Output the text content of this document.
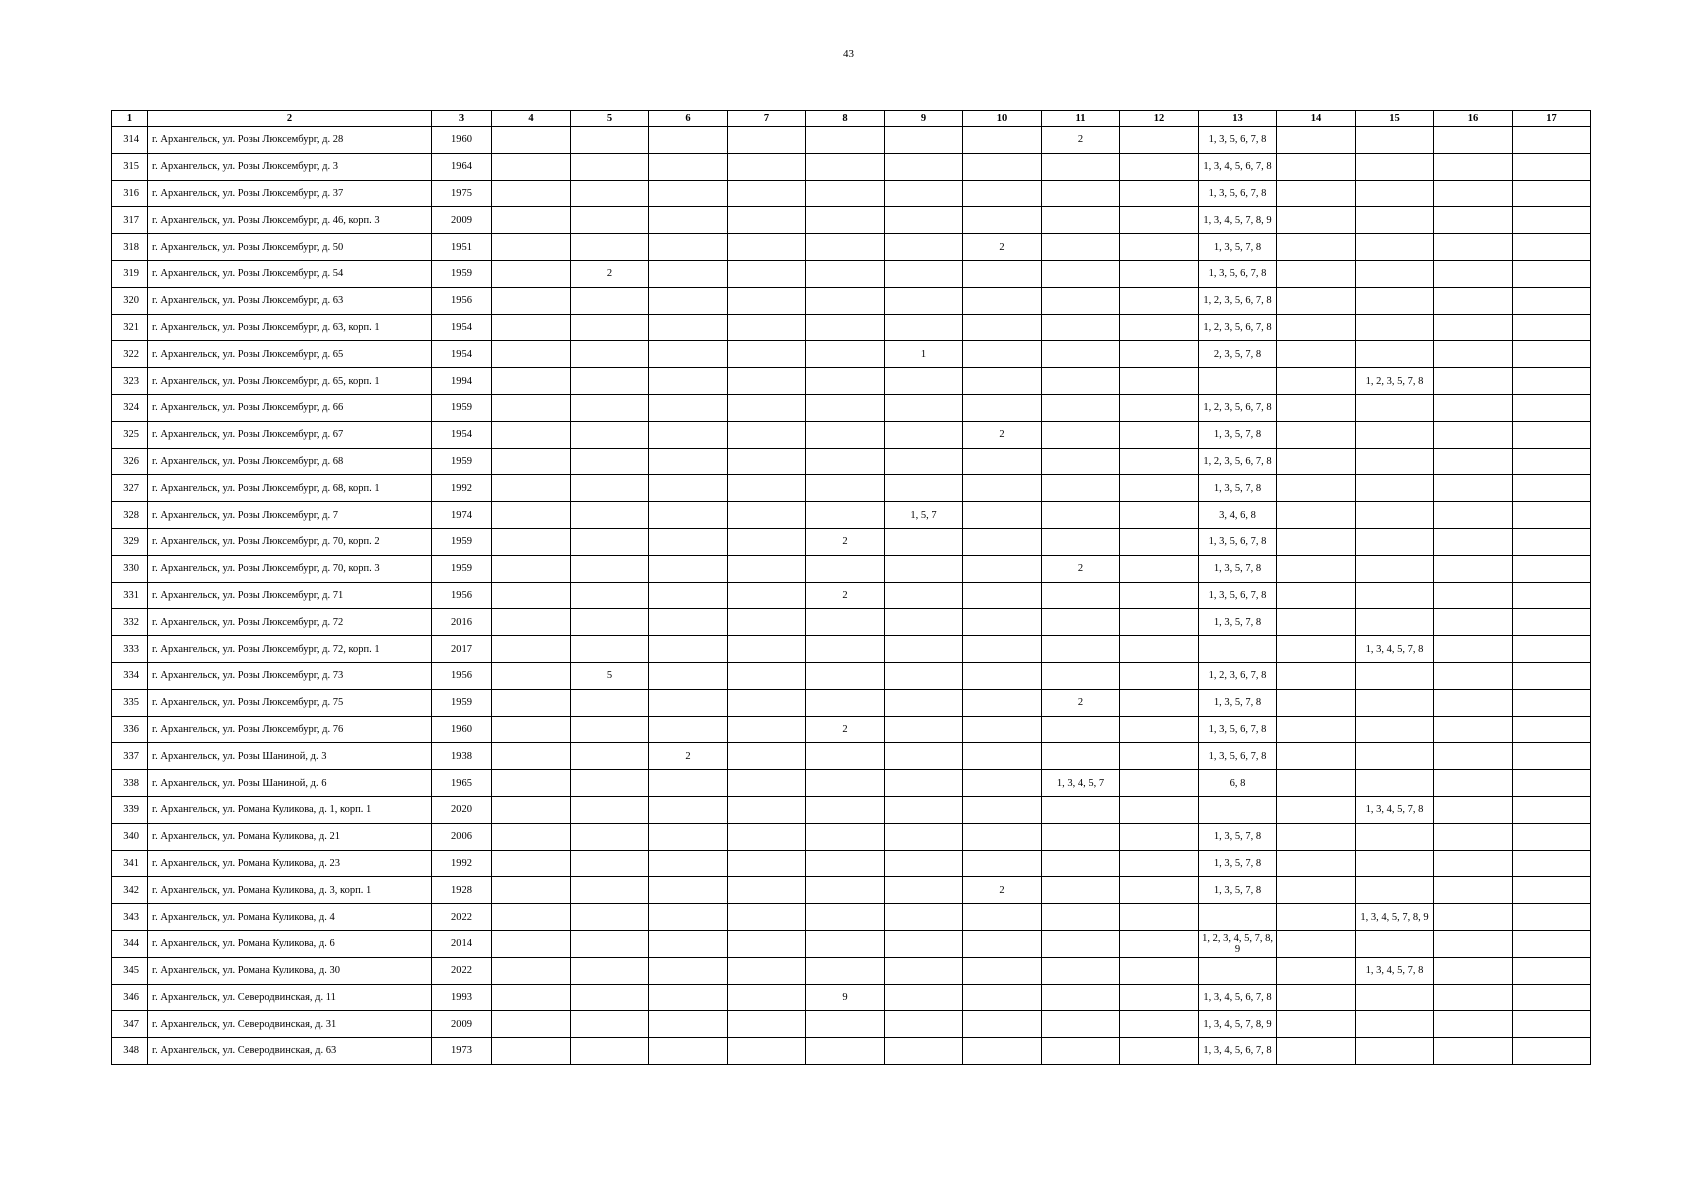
43
1	2	3	4	5	6	7	8	9	10	11	12	13	14	15	16	17
314	г. Архангельск, ул. Розы Люксембург, д. 28	1960								2		1, 3, 5, 6, 7, 8				
315	г. Архангельск, ул. Розы Люксембург, д. 3	1964										1, 3, 4, 5, 6, 7, 8				
316	г. Архангельск, ул. Розы Люксембург, д. 37	1975										1, 3, 5, 6, 7, 8				
317	г. Архангельск, ул. Розы Люксембург, д. 46, корп. 3	2009										1, 3, 4, 5, 7, 8, 9				
318	г. Архангельск, ул. Розы Люксембург, д. 50	1951							2			1, 3, 5, 7, 8				
319	г. Архангельск, ул. Розы Люксембург, д. 54	1959		2								1, 3, 5, 6, 7, 8				
320	г. Архангельск, ул. Розы Люксембург, д. 63	1956										1, 2, 3, 5, 6, 7, 8				
321	г. Архангельск, ул. Розы Люксембург, д. 63, корп. 1	1954										1, 2, 3, 5, 6, 7, 8				
322	г. Архангельск, ул. Розы Люксембург, д. 65	1954						1				2, 3, 5, 7, 8				
323	г. Архангельск, ул. Розы Люксембург, д. 65, корп. 1	1994												1, 2, 3, 5, 7, 8		
324	г. Архангельск, ул. Розы Люксембург, д. 66	1959										1, 2, 3, 5, 6, 7, 8				
325	г. Архангельск, ул. Розы Люксембург, д. 67	1954							2			1, 3, 5, 7, 8				
326	г. Архангельск, ул. Розы Люксембург, д. 68	1959										1, 2, 3, 5, 6, 7, 8				
327	г. Архангельск, ул. Розы Люксембург, д. 68, корп. 1	1992										1, 3, 5, 7, 8				
328	г. Архангельск, ул. Розы Люксембург, д. 7	1974						1, 5, 7				3, 4, 6, 8				
329	г. Архангельск, ул. Розы Люксембург, д. 70, корп. 2	1959					2					1, 3, 5, 6, 7, 8				
330	г. Архангельск, ул. Розы Люксембург, д. 70, корп. 3	1959								2		1, 3, 5, 7, 8				
331	г. Архангельск, ул. Розы Люксембург, д. 71	1956					2					1, 3, 5, 6, 7, 8				
332	г. Архангельск, ул. Розы Люксембург, д. 72	2016										1, 3, 5, 7, 8				
333	г. Архангельск, ул. Розы Люксембург, д. 72, корп. 1	2017												1, 3, 4, 5, 7, 8		
334	г. Архангельск, ул. Розы Люксембург, д. 73	1956		5								1, 2, 3, 6, 7, 8				
335	г. Архангельск, ул. Розы Люксембург, д. 75	1959								2		1, 3, 5, 7, 8				
336	г. Архангельск, ул. Розы Люксембург, д. 76	1960					2					1, 3, 5, 6, 7, 8				
337	г. Архангельск, ул. Розы Шаниной, д. 3	1938			2							1, 3, 5, 6, 7, 8				
338	г. Архангельск, ул. Розы Шаниной, д. 6	1965								1, 3, 4, 5, 7		6, 8				
339	г. Архангельск, ул. Романа Куликова, д. 1, корп. 1	2020												1, 3, 4, 5, 7, 8		
340	г. Архангельск, ул. Романа Куликова, д. 21	2006										1, 3, 5, 7, 8				
341	г. Архангельск, ул. Романа Куликова, д. 23	1992										1, 3, 5, 7, 8				
342	г. Архангельск, ул. Романа Куликова, д. 3, корп. 1	1928							2			1, 3, 5, 7, 8				
343	г. Архангельск, ул. Романа Куликова, д. 4	2022												1, 3, 4, 5, 7, 8, 9		
344	г. Архангельск, ул. Романа Куликова, д. 6	2014										1, 2, 3, 4, 5, 7, 8, 9				
345	г. Архангельск, ул. Романа Куликова, д. 30	2022												1, 3, 4, 5, 7, 8		
346	г. Архангельск, ул. Северодвинская, д. 11	1993					9					1, 3, 4, 5, 6, 7, 8				
347	г. Архангельск, ул. Северодвинская, д. 31	2009										1, 3, 4, 5, 7, 8, 9				
348	г. Архангельск, ул. Северодвинская, д. 63	1973										1, 3, 4, 5, 6, 7, 8				
